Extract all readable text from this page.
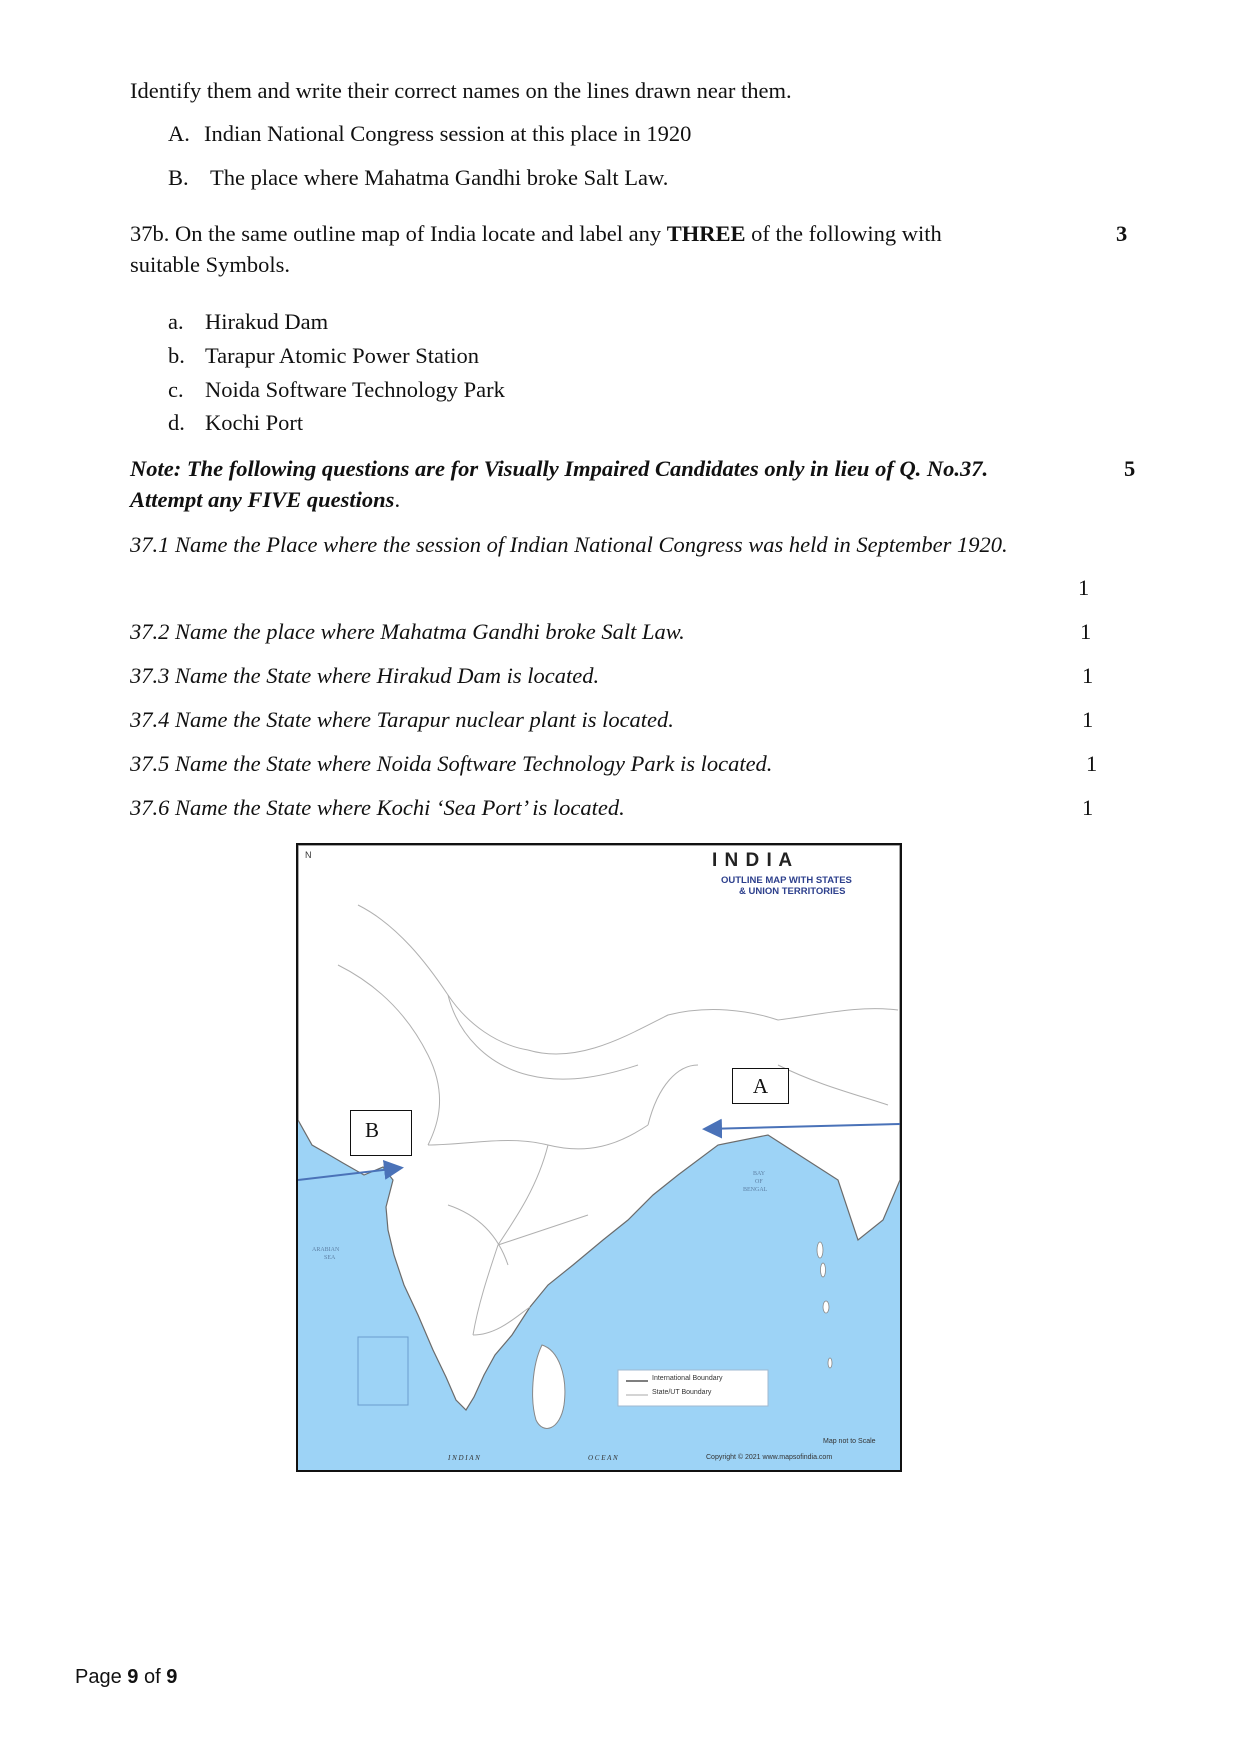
Identify them and write their correct names on the lines drawn near them.
A. Indian National Congress session at this place in 1920
B. The place where Mahatma Gandhi broke Salt Law.
37b. On the same outline map of India locate and label any THREE of the following with
suitable Symbols.
3
a. Hirakud Dam
b. Tarapur Atomic Power Station
c. Noida Software Technology Park
d. Kochi Port
Note: The following questions are for Visually Impaired Candidates only in lieu of Q. No.37.
Attempt any FIVE questions.
5
37.1 Name the Place where the session of Indian National Congress was held in September 1920.
1
37.2 Name the place where Mahatma Gandhi broke Salt Law.	1
37.3 Name the State where Hirakud Dam is located.	1
37.4 Name the State where Tarapur nuclear plant is located.	1
37.5 Name the State where Noida Software Technology Park is located.	1
37.6 Name the State where Kochi ‘Sea Port’ is located.	1
N	I N D I A
OUTLINE MAP WITH STATES
& UNION TERRITORIES
A
B
BAY
OF
BENGAL
ARABIAN
SEA
I N D I A N	O C E A N
International Boundary
State/UT Boundary
Map not to Scale
Copyright © 2021 www.mapsofindia.com
Page 9 of 9
